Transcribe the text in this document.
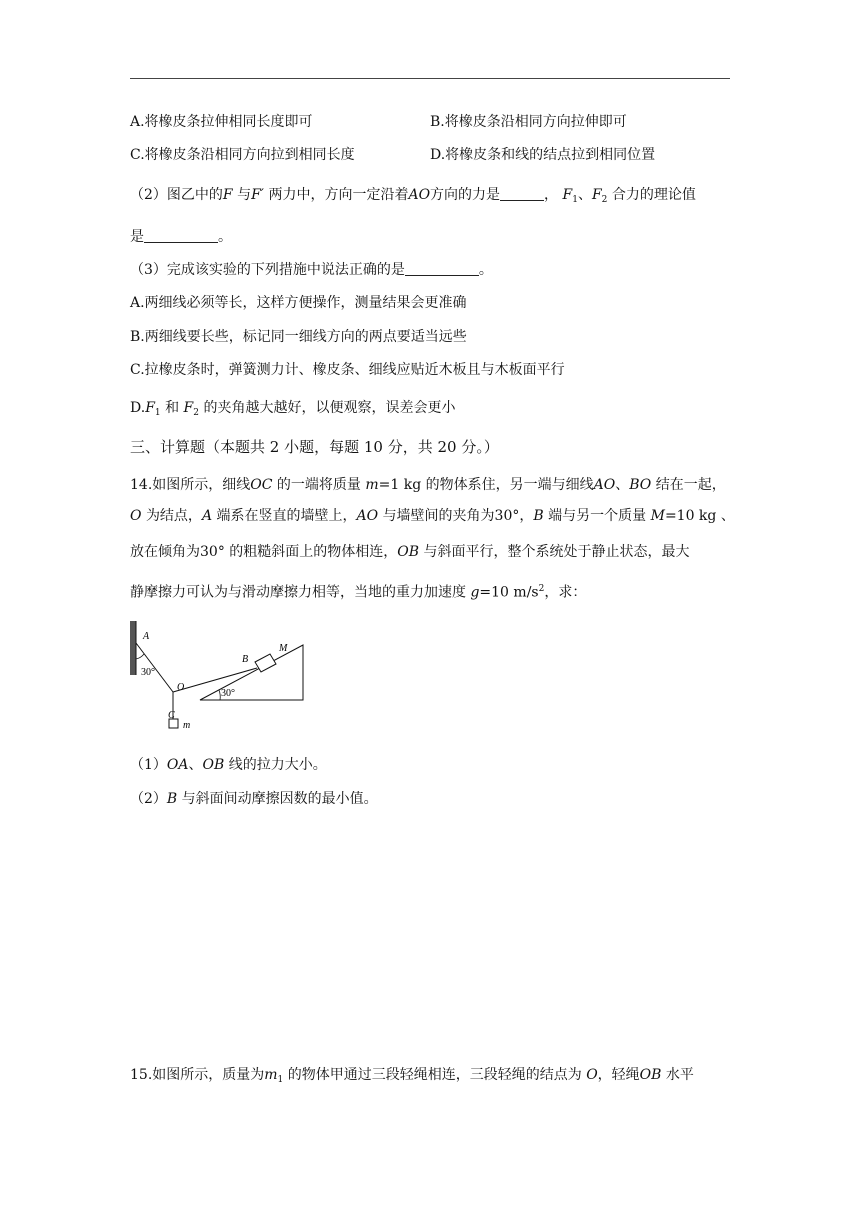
A.将橡皮条拉伸相同长度即可	B.将橡皮条沿相同方向拉伸即可
C.将橡皮条沿相同方向拉到相同长度	D.将橡皮条和线的结点拉到相同位置
（2）图乙中的F 与F′ 两力中，方向一定沿着AO方向的力是	， $F_1$、$F_2$ 合力的理论值
是	。
（3）完成该实验的下列措施中说法正确的是	。
A.两细线必须等长，这样方便操作，测量结果会更准确
B.两细线要长些，标记同一细线方向的两点要适当远些
C.拉橡皮条时，弹簧测力计、橡皮条、细线应贴近木板且与木板面平行
$D.F_1$ 和 $F_2$ 的夹角越大越好，以便观察，误差会更小
三、计算题（本题共 2 小题，每题 10 分，共 20 分。）
14.如图所示，细线OC 的一端将质量 m=1 kg 的物体系住，另一端与细线AO、BO 结在一起，
O 为结点，A 端系在竖直的墙壁上，AO 与墙壁间的夹角为30°，B 端与另一个质量 M=10 kg 、
放在倾角为30° 的粗糙斜面上的物体相连，OB 与斜面平行，整个系统处于静止状态，最大
静摩擦力可认为与滑动摩擦力相等，当地的重力加速度 g=10 $m/s^2$，求：
A
30°
O
C
m
B
M
30°
（1）OA、OB 线的拉力大小。
（2）B 与斜面间动摩擦因数的最小值。
15.如图所示，质量为$m_1$ 的物体甲通过三段轻绳相连，三段轻绳的结点为 O，轻绳OB 水平
